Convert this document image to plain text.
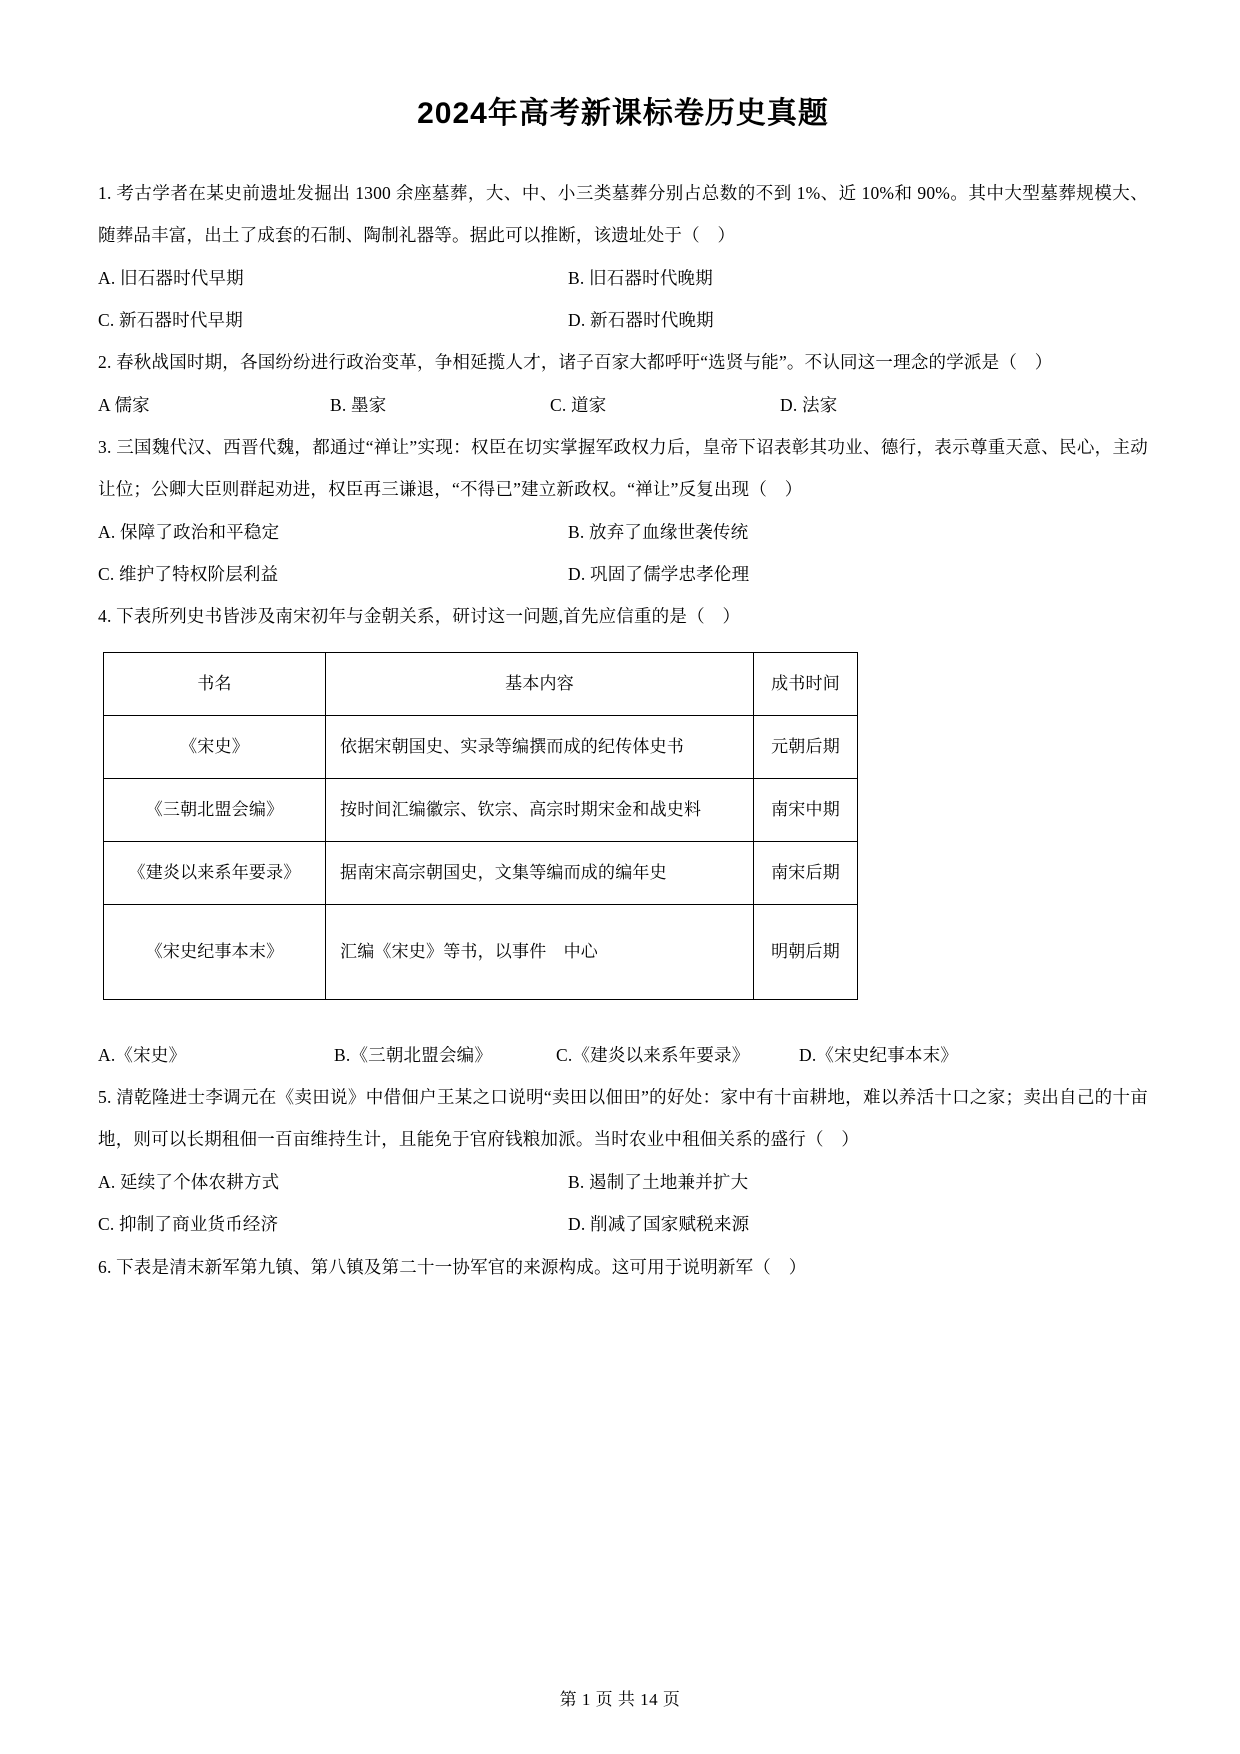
2024年高考新课标卷历史真题

1. 考古学者在某史前遗址发掘出 1300 余座墓葬，大、中、小三类墓葬分别占总数的不到 1%、近 10%和 90%。其中大型墓葬规模大、随葬品丰富，出土了成套的石制、陶制礼器等。据此可以推断，该遗址处于（　）

A. 旧石器时代早期	B. 旧石器时代晚期
C. 新石器时代早期	D. 新石器时代晚期

2. 春秋战国时期，各国纷纷进行政治变革，争相延揽人才，诸子百家大都呼吁“选贤与能”。不认同这一理念的学派是（　）

A 儒家	B. 墨家	C. 道家	D. 法家

3. 三国魏代汉、西晋代魏，都通过“禅让”实现：权臣在切实掌握军政权力后，皇帝下诏表彰其功业、德行，表示尊重天意、民心，主动让位；公卿大臣则群起劝进，权臣再三谦退，“不得已”建立新政权。“禅让”反复出现（　）

A. 保障了政治和平稳定	B. 放弃了血缘世袭传统
C. 维护了特权阶层利益	D. 巩固了儒学忠孝伦理

4. 下表所列史书皆涉及南宋初年与金朝关系，研讨这一问题,首先应信重的是（　）

书名	基本内容	成书时间
《宋史》	依据宋朝国史、实录等编撰而成的纪传体史书	元朝后期
《三朝北盟会编》	按时间汇编徽宗、钦宗、高宗时期宋金和战史料	南宋中期
《建炎以来系年要录》	据南宋高宗朝国史，文集等编而成的编年史	南宋后期
《宋史纪事本末》	汇编《宋史》等书，以事件　中心	明朝后期
A.《宋史》	B.《三朝北盟会编》	C.《建炎以来系年要录》	D.《宋史纪事本末》

5. 清乾隆进士李调元在《卖田说》中借佃户王某之口说明“卖田以佃田”的好处：家中有十亩耕地，难以养活十口之家；卖出自己的十亩地，则可以长期租佃一百亩维持生计，且能免于官府钱粮加派。当时农业中租佃关系的盛行（　）

A. 延续了个体农耕方式	B. 遏制了土地兼并扩大
C. 抑制了商业货币经济	D. 削减了国家赋税来源

6. 下表是清末新军第九镇、第八镇及第二十一协军官的来源构成。这可用于说明新军（　）

第 1 页 共 14 页
